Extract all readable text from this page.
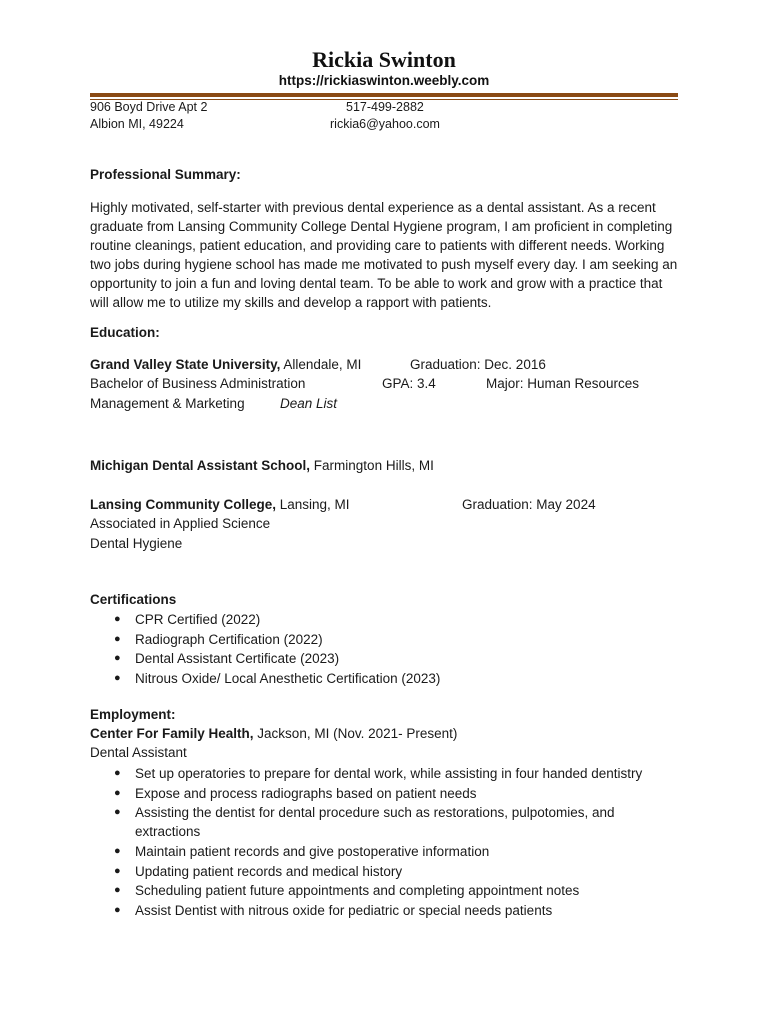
Rickia Swinton
https://rickiaswinton.weebly.com
906 Boyd Drive Apt 2
Albion MI, 49224
517-499-2882
rickia6@yahoo.com
Professional Summary:
Highly motivated, self-starter with previous dental experience as a dental assistant. As a recent graduate from Lansing Community College Dental Hygiene program, I am proficient in completing routine cleanings, patient education, and providing care to patients with different needs. Working two jobs during hygiene school has made me motivated to push myself every day. I am seeking an opportunity to join a fun and loving dental team. To be able to work and grow with a practice that will allow me to utilize my skills and develop a rapport with patients.
Education:
Grand Valley State University, Allendale, MI	Graduation: Dec. 2016
Bachelor of Business Administration	GPA: 3.4	Major: Human Resources
Management & Marketing	Dean List
Michigan Dental Assistant School, Farmington Hills, MI
Lansing Community College, Lansing, MI	Graduation: May 2024
Associated in Applied Science
Dental Hygiene
Certifications
● CPR Certified (2022)
● Radiograph Certification (2022)
● Dental Assistant Certificate (2023)
● Nitrous Oxide/ Local Anesthetic Certification (2023)
Employment:
Center For Family Health, Jackson, MI (Nov. 2021- Present)
Dental Assistant
● Set up operatories to prepare for dental work, while assisting in four handed dentistry
● Expose and process radiographs based on patient needs
● Assisting the dentist for dental procedure such as restorations, pulpotomies, and extractions
● Maintain patient records and give postoperative information
● Updating patient records and medical history
● Scheduling patient future appointments and completing appointment notes
● Assist Dentist with nitrous oxide for pediatric or special needs patients
